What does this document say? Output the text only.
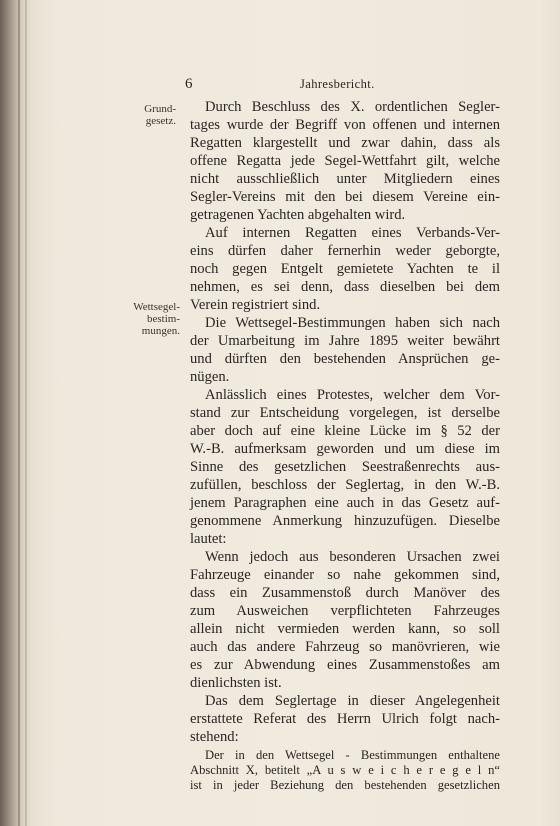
6	Jahresbericht.
Grund-
gesetz.
Wettsegel-
bestim-
mungen.
Durch Beschluss des X. ordentlichen Segler-
tages wurde der Begriff von offenen und internen
Regatten klargestellt und zwar dahin, dass als
offene Regatta jede Segel-Wettfahrt gilt, welche
nicht ausschließlich unter Mitgliedern eines
Segler-Vereins mit den bei diesem Vereine ein-
getragenen Yachten abgehalten wird.
Auf internen Regatten eines Verbands-Ver-
eins dürfen daher fernerhin weder geborgte,
noch gegen Entgelt gemietete Yachten te il
nehmen, es sei denn, dass dieselben bei dem
Verein registriert sind.
Die Wettsegel-Bestimmungen haben sich nach
der Umarbeitung im Jahre 1895 weiter bewährt
und dürften den bestehenden Ansprüchen ge-
nügen.
Anlässlich eines Protestes, welcher dem Vor-
stand zur Entscheidung vorgelegen, ist derselbe
aber doch auf eine kleine Lücke im § 52 der
W.-B. aufmerksam geworden und um diese im
Sinne des gesetzlichen Seestraßenrechts aus-
zufüllen, beschloss der Seglertag, in den W.-B.
jenem Paragraphen eine auch in das Gesetz auf-
genommene Anmerkung hinzuzufügen. Dieselbe
lautet:
Wenn jedoch aus besonderen Ursachen zwei
Fahrzeuge einander so nahe gekommen sind,
dass ein Zusammenstoß durch Manöver des
zum Ausweichen verpflichteten Fahrzeuges
allein nicht vermieden werden kann, so soll
auch das andere Fahrzeug so manövrieren, wie
es zur Abwendung eines Zusammenstoßes am
dienlichsten ist.
Das dem Seglertage in dieser Angelegenheit
erstattete Referat des Herrn Ulrich folgt nach-
stehend:
Der in den Wettsegel - Bestimmungen enthaltene
Abschnitt X, betitelt „A u s w e i c h e r e g e l n“
ist in jeder Beziehung den bestehenden gesetzlichen
